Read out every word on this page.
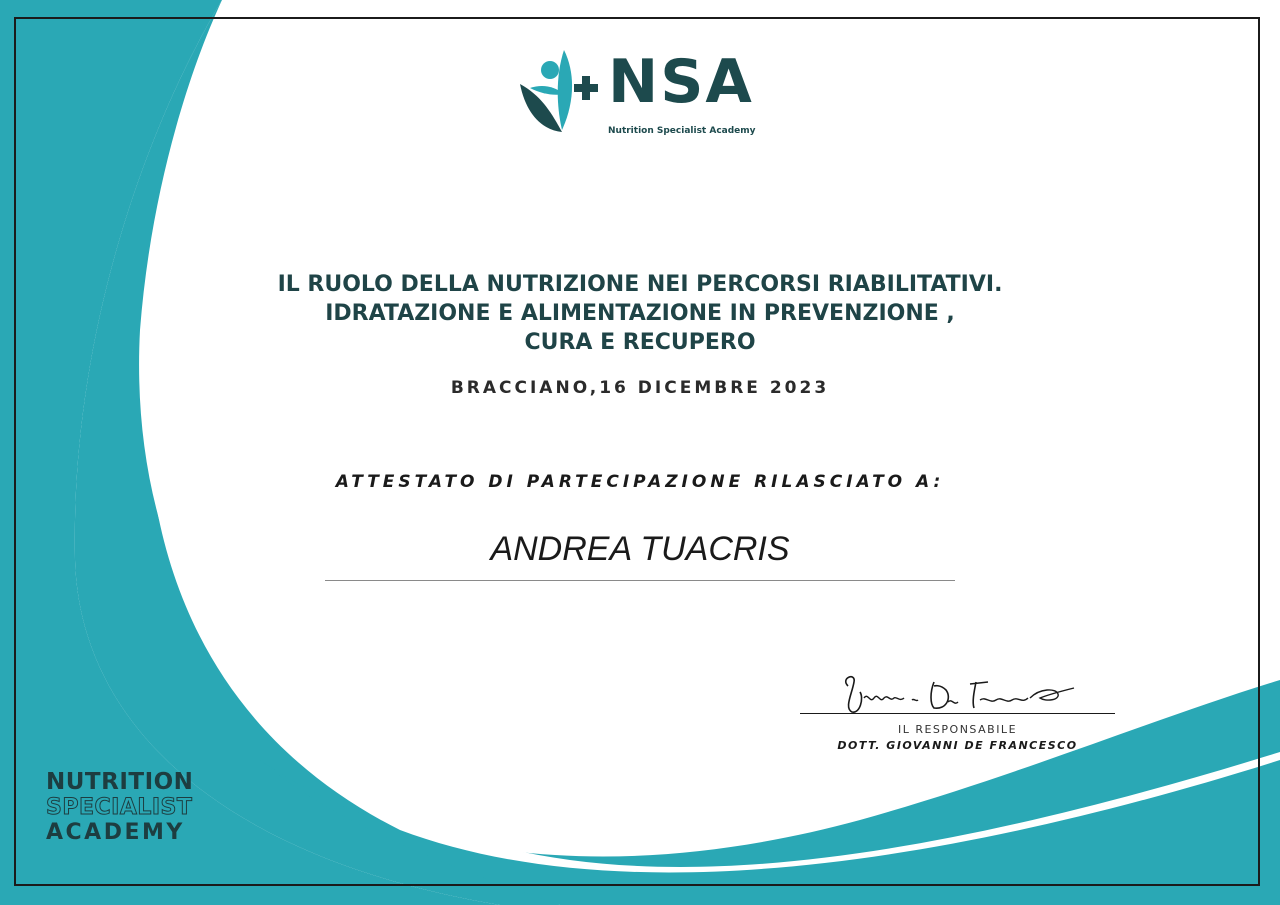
NSA
Nutrition Specialist Academy
IL RUOLO DELLA NUTRIZIONE NEI PERCORSI RIABILITATIVI.
IDRATAZIONE E ALIMENTAZIONE IN PREVENZIONE ,
CURA E RECUPERO
BRACCIANO,16 DICEMBRE 2023
ATTESTATO DI PARTECIPAZIONE RILASCIATO A:
ANDREA TUACRIS
IL RESPONSABILE
DOTT. GIOVANNI DE FRANCESCO
NUTRITION
SPECIALIST
ACADEMY
